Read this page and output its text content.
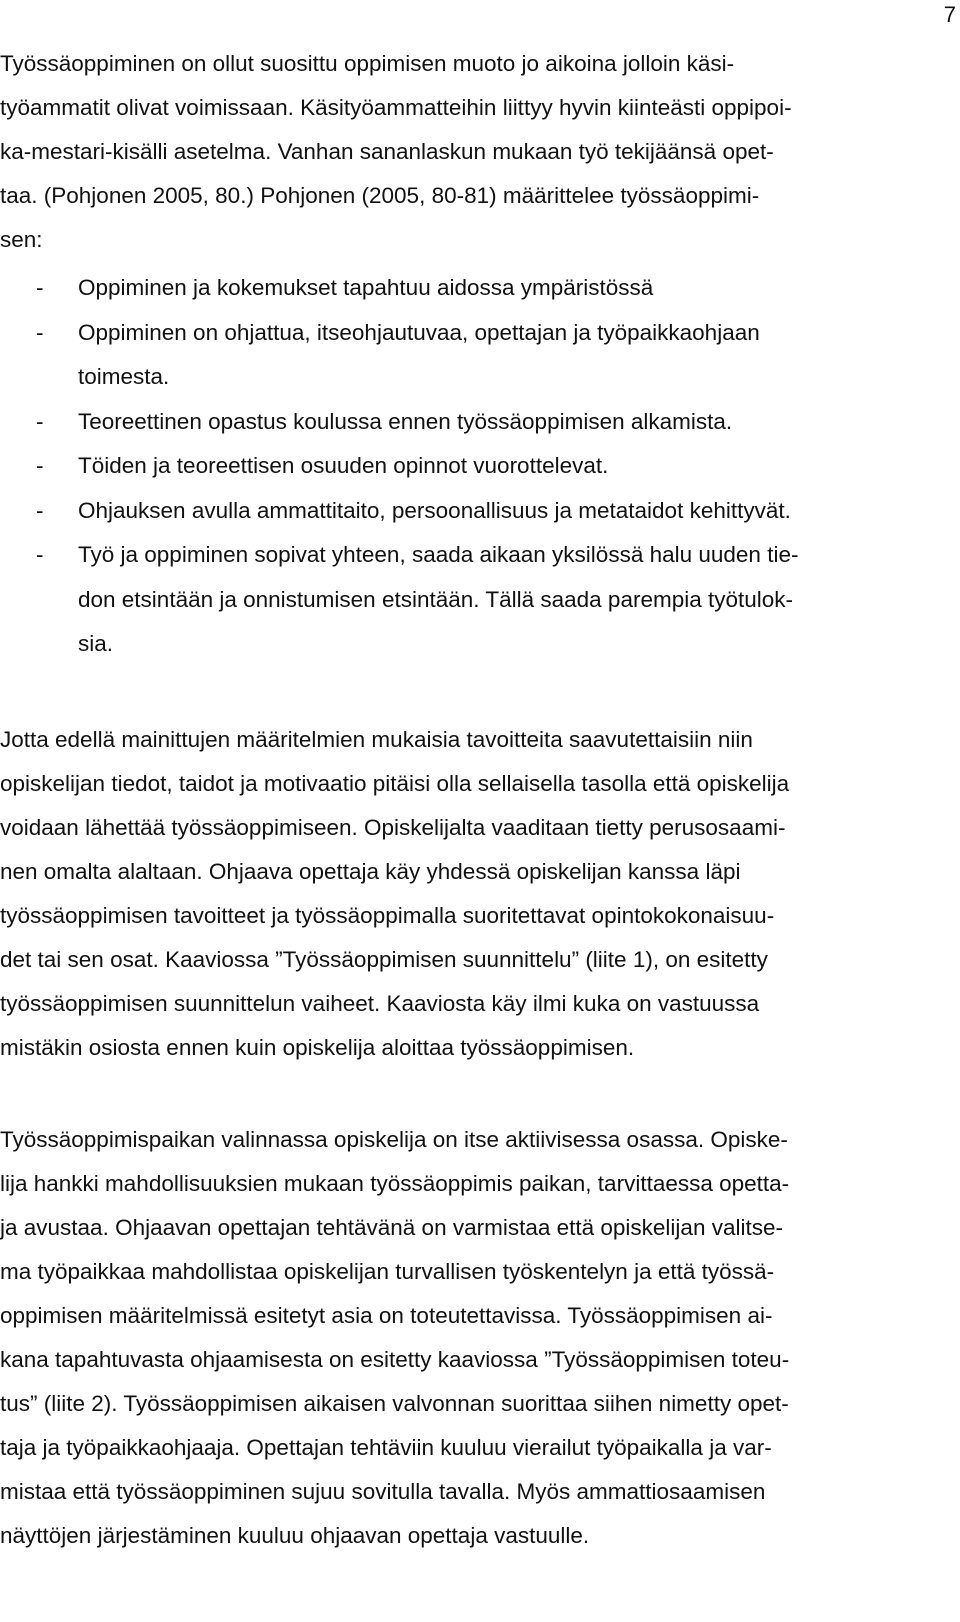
7
Työssäoppiminen on ollut suosittu oppimisen muoto jo aikoina jolloin käsi-
työammatit olivat voimissaan. Käsityöammatteihin liittyy hyvin kiinteästi oppipoi-
ka-mestari-kisälli asetelma. Vanhan sananlaskun mukaan työ tekijäänsä opet-
taa. (Pohjonen 2005, 80.) Pohjonen (2005, 80-81) määrittelee työssäoppimi-
sen:
- Oppiminen ja kokemukset tapahtuu aidossa ympäristössä
- Oppiminen on ohjattua, itseohjautuvaa, opettajan ja työpaikkaohjaan
toimesta.
- Teoreettinen opastus koulussa ennen työssäoppimisen alkamista.
- Töiden ja teoreettisen osuuden opinnot vuorottelevat.
- Ohjauksen avulla ammattitaito, persoonallisuus ja metataidot kehittyvät.
- Työ ja oppiminen sopivat yhteen, saada aikaan yksilössä halu uuden tie-
don etsintään ja onnistumisen etsintään. Tällä saada parempia työtulok-
sia.
Jotta edellä mainittujen määritelmien mukaisia tavoitteita saavutettaisiin niin
opiskelijan tiedot, taidot ja motivaatio pitäisi olla sellaisella tasolla että opiskelija
voidaan lähettää työssäoppimiseen. Opiskelijalta vaaditaan tietty perusosaami-
nen omalta alaltaan. Ohjaava opettaja käy yhdessä opiskelijan kanssa läpi
työssäoppimisen tavoitteet ja työssäoppimalla suoritettavat opintokokonaisuu-
det tai sen osat. Kaaviossa ”Työssäoppimisen suunnittelu” (liite 1), on esitetty
työssäoppimisen suunnittelun vaiheet. Kaaviosta käy ilmi kuka on vastuussa
mistäkin osiosta ennen kuin opiskelija aloittaa työssäoppimisen.
Työssäoppimispaikan valinnassa opiskelija on itse aktiivisessa osassa. Opiske-
lija hankki mahdollisuuksien mukaan työssäoppimis paikan, tarvittaessa opetta-
ja avustaa. Ohjaavan opettajan tehtävänä on varmistaa että opiskelijan valitse-
ma työpaikkaa mahdollistaa opiskelijan turvallisen työskentelyn ja että työssä-
oppimisen määritelmissä esitetyt asia on toteutettavissa. Työssäoppimisen ai-
kana tapahtuvasta ohjaamisesta on esitetty kaaviossa ”Työssäoppimisen toteu-
tus” (liite 2). Työssäoppimisen aikaisen valvonnan suorittaa siihen nimetty opet-
taja ja työpaikkaohjaaja. Opettajan tehtäviin kuuluu vierailut työpaikalla ja var-
mistaa että työssäoppiminen sujuu sovitulla tavalla. Myös ammattiosaamisen
näyttöjen järjestäminen kuuluu ohjaavan opettaja vastuulle.
